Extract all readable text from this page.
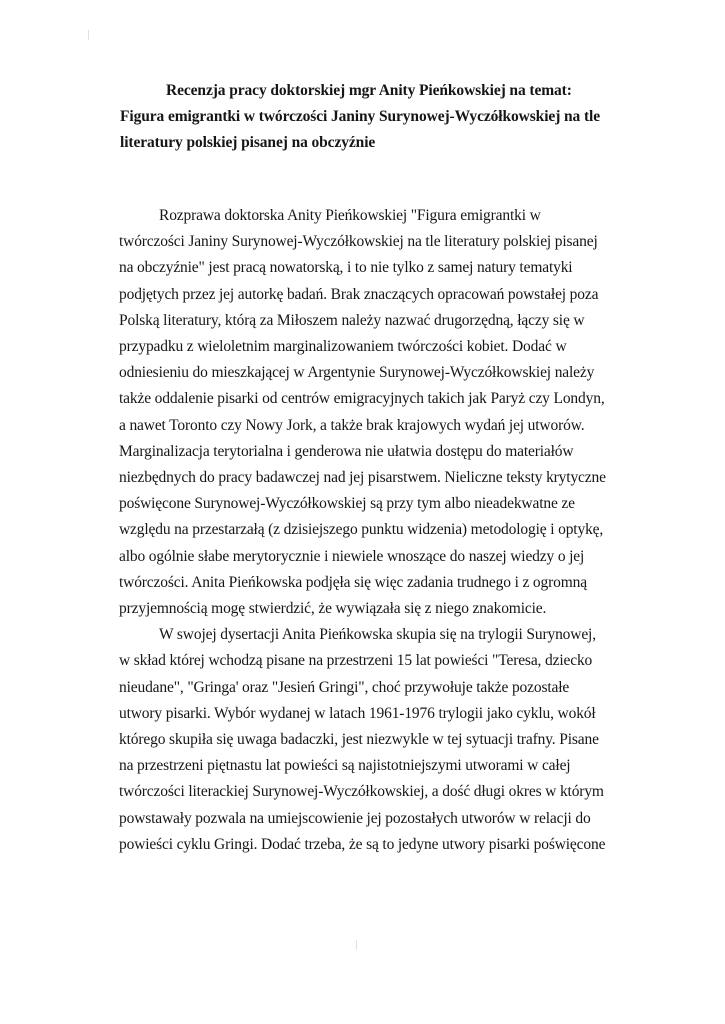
Recenzja pracy doktorskiej mgr Anity Pieńkowskiej na temat:
Figura emigrantki w twórczości Janiny Surynowej-Wyczółkowskiej na tle
literatury polskiej pisanej na obczyźnie
Rozprawa doktorska Anity Pieńkowskiej "Figura emigrantki w
twórczości Janiny Surynowej-Wyczółkowskiej na tle literatury polskiej pisanej
na obczyźnie" jest pracą nowatorską, i to nie tylko z samej natury tematyki
podjętych przez jej autorkę badań. Brak znaczących opracowań powstałej poza
Polską literatury, którą za Miłoszem należy nazwać drugorzędną, łączy się w
przypadku z wieloletnim marginalizowaniem twórczości kobiet. Dodać w
odniesieniu do mieszkającej w Argentynie Surynowej-Wyczółkowskiej należy
także oddalenie pisarki od centrów emigracyjnych takich jak Paryż czy Londyn,
a nawet Toronto czy Nowy Jork, a także brak krajowych wydań jej utworów.
Marginalizacja terytorialna i genderowa nie ułatwia dostępu do materiałów
niezbędnych do pracy badawczej nad jej pisarstwem. Nieliczne teksty krytyczne
poświęcone Surynowej-Wyczółkowskiej są przy tym albo nieadekwatne ze
względu na przestarzałą (z dzisiejszego punktu widzenia) metodologię i optykę,
albo ogólnie słabe merytorycznie i niewiele wnoszące do naszej wiedzy o jej
twórczości. Anita Pieńkowska podjęła się więc zadania trudnego i z ogromną
przyjemnością mogę stwierdzić, że wywiązała się z niego znakomicie.
W swojej dysertacji Anita Pieńkowska skupia się na trylogii Surynowej,
w skład której wchodzą pisane na przestrzeni 15 lat powieści "Teresa, dziecko
nieudane", "Gringa' oraz "Jesień Gringi", choć przywołuje także pozostałe
utwory pisarki. Wybór wydanej w latach 1961-1976 trylogii jako cyklu, wokół
którego skupiła się uwaga badaczki, jest niezwykle w tej sytuacji trafny. Pisane
na przestrzeni piętnastu lat powieści są najistotniejszymi utworami w całej
twórczości literackiej Surynowej-Wyczółkowskiej, a dość długi okres w którym
powstawały pozwala na umiejscowienie jej pozostałych utworów w relacji do
powieści cyklu Gringi. Dodać trzeba, że są to jedyne utwory pisarki poświęcone
